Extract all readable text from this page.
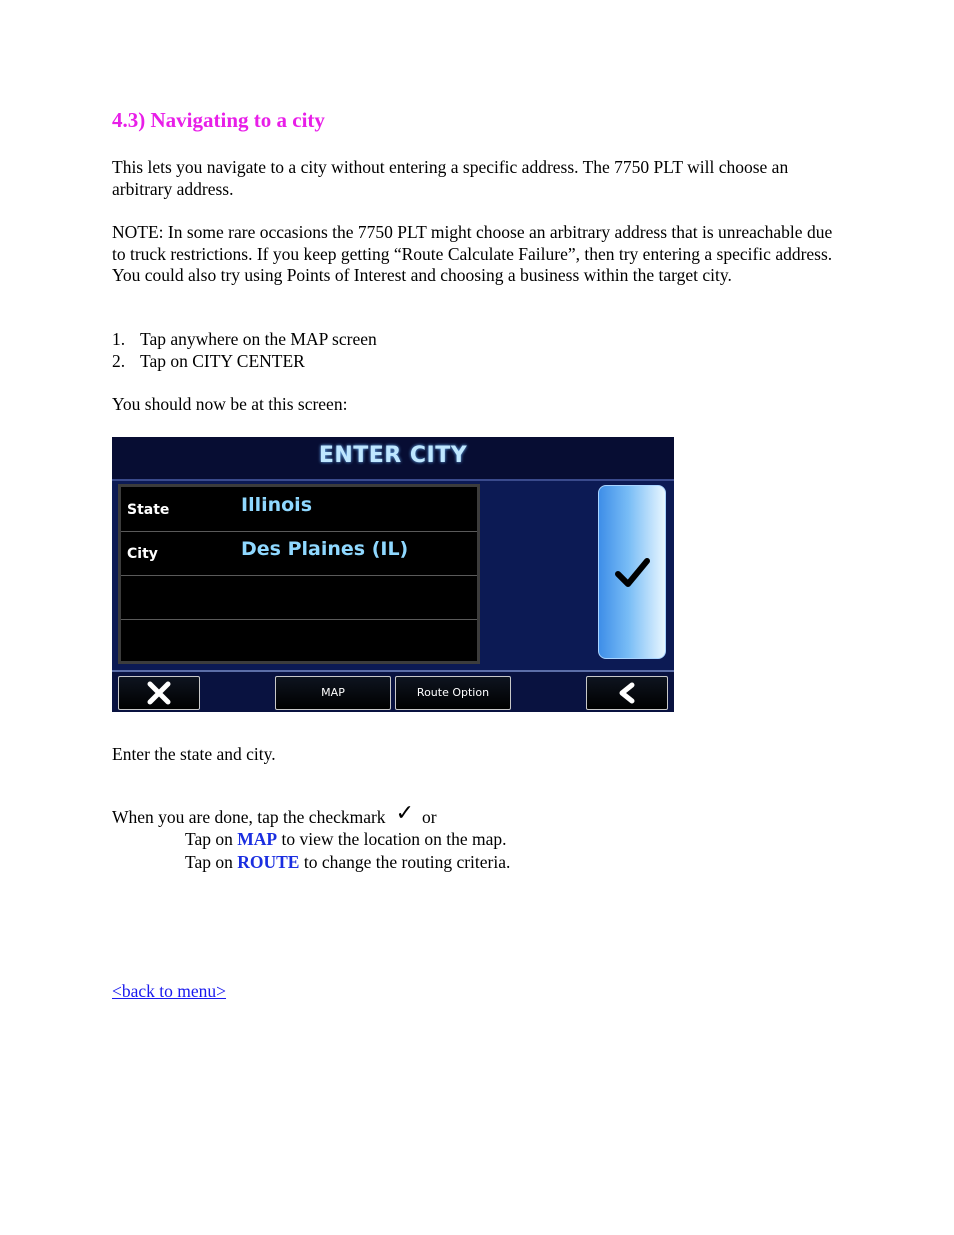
4.3) Navigating to a city

This lets you navigate to a city without entering a specific address. The 7750 PLT will choose an arbitrary address.

NOTE: In some rare occasions the 7750 PLT might choose an arbitrary address that is unreachable due to truck restrictions. If you keep getting “Route Calculate Failure”, then try entering a specific address. You could also try using Points of Interest and choosing a business within the target city.

1. Tap anywhere on the MAP screen
2. Tap on CITY CENTER

You should now be at this screen:

ENTER CITY
State	Illinois
City	Des Plaines (IL)
MAP	Route Option

Enter the state and city.

When you are done, tap the checkmark ✓ or
Tap on MAP to view the location on the map.
Tap on ROUTE to change the routing criteria.
<back to menu>
